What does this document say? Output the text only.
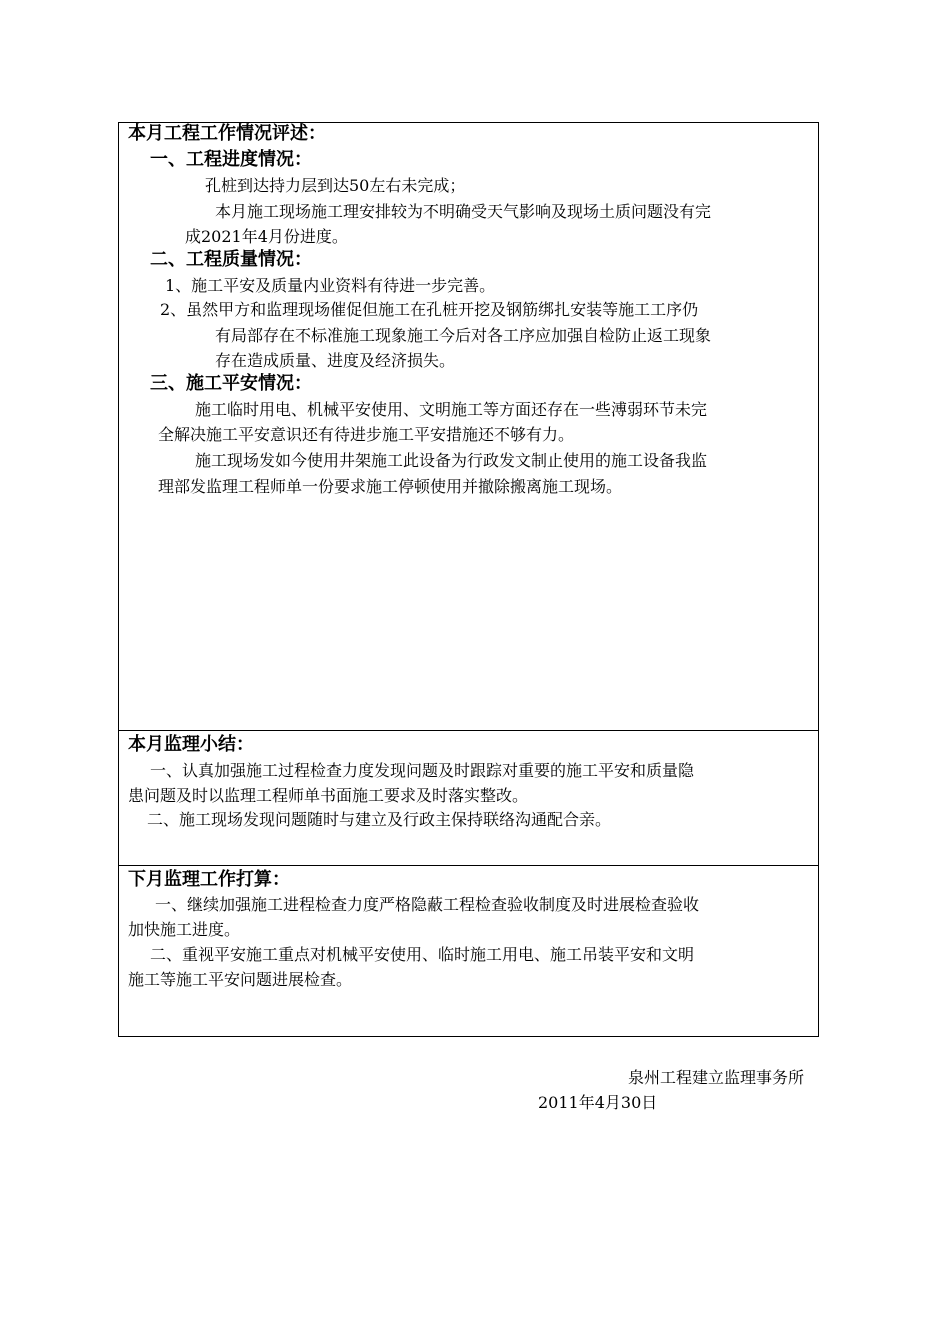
本月工程工作情况评述：
一、工程进度情况：
孔桩到达持力层到达50左右未完成；
本月施工现场施工理安排较为不明确受天气影响及现场土质问题没有完
成2021年4月份进度。
二、工程质量情况：
1、施工平安及质量内业资料有待进一步完善。
2、虽然甲方和监理现场催促但施工在孔桩开挖及钢筋绑扎安装等施工工序仍
有局部存在不标准施工现象施工今后对各工序应加强自检防止返工现象
存在造成质量、进度及经济损失。
三、施工平安情况：
施工临时用电、机械平安使用、文明施工等方面还存在一些溥弱环节未完
全解决施工平安意识还有待进步施工平安措施还不够有力。
施工现场发如今使用井架施工此设备为行政发文制止使用的施工设备我监
理部发监理工程师单一份要求施工停顿使用并撤除搬离施工现场。
本月监理小结：
一、认真加强施工过程检查力度发现问题及时跟踪对重要的施工平安和质量隐
患问题及时以监理工程师单书面施工要求及时落实整改。
二、施工现场发现问题随时与建立及行政主保持联络沟通配合亲。
下月监理工作打算：
一、继续加强施工进程检查力度严格隐蔽工程检查验收制度及时进展检查验收
加快施工进度。
二、重视平安施工重点对机械平安使用、临时施工用电、施工吊装平安和文明
施工等施工平安问题进展检查。
泉州工程建立监理事务所
2011年4月30日
